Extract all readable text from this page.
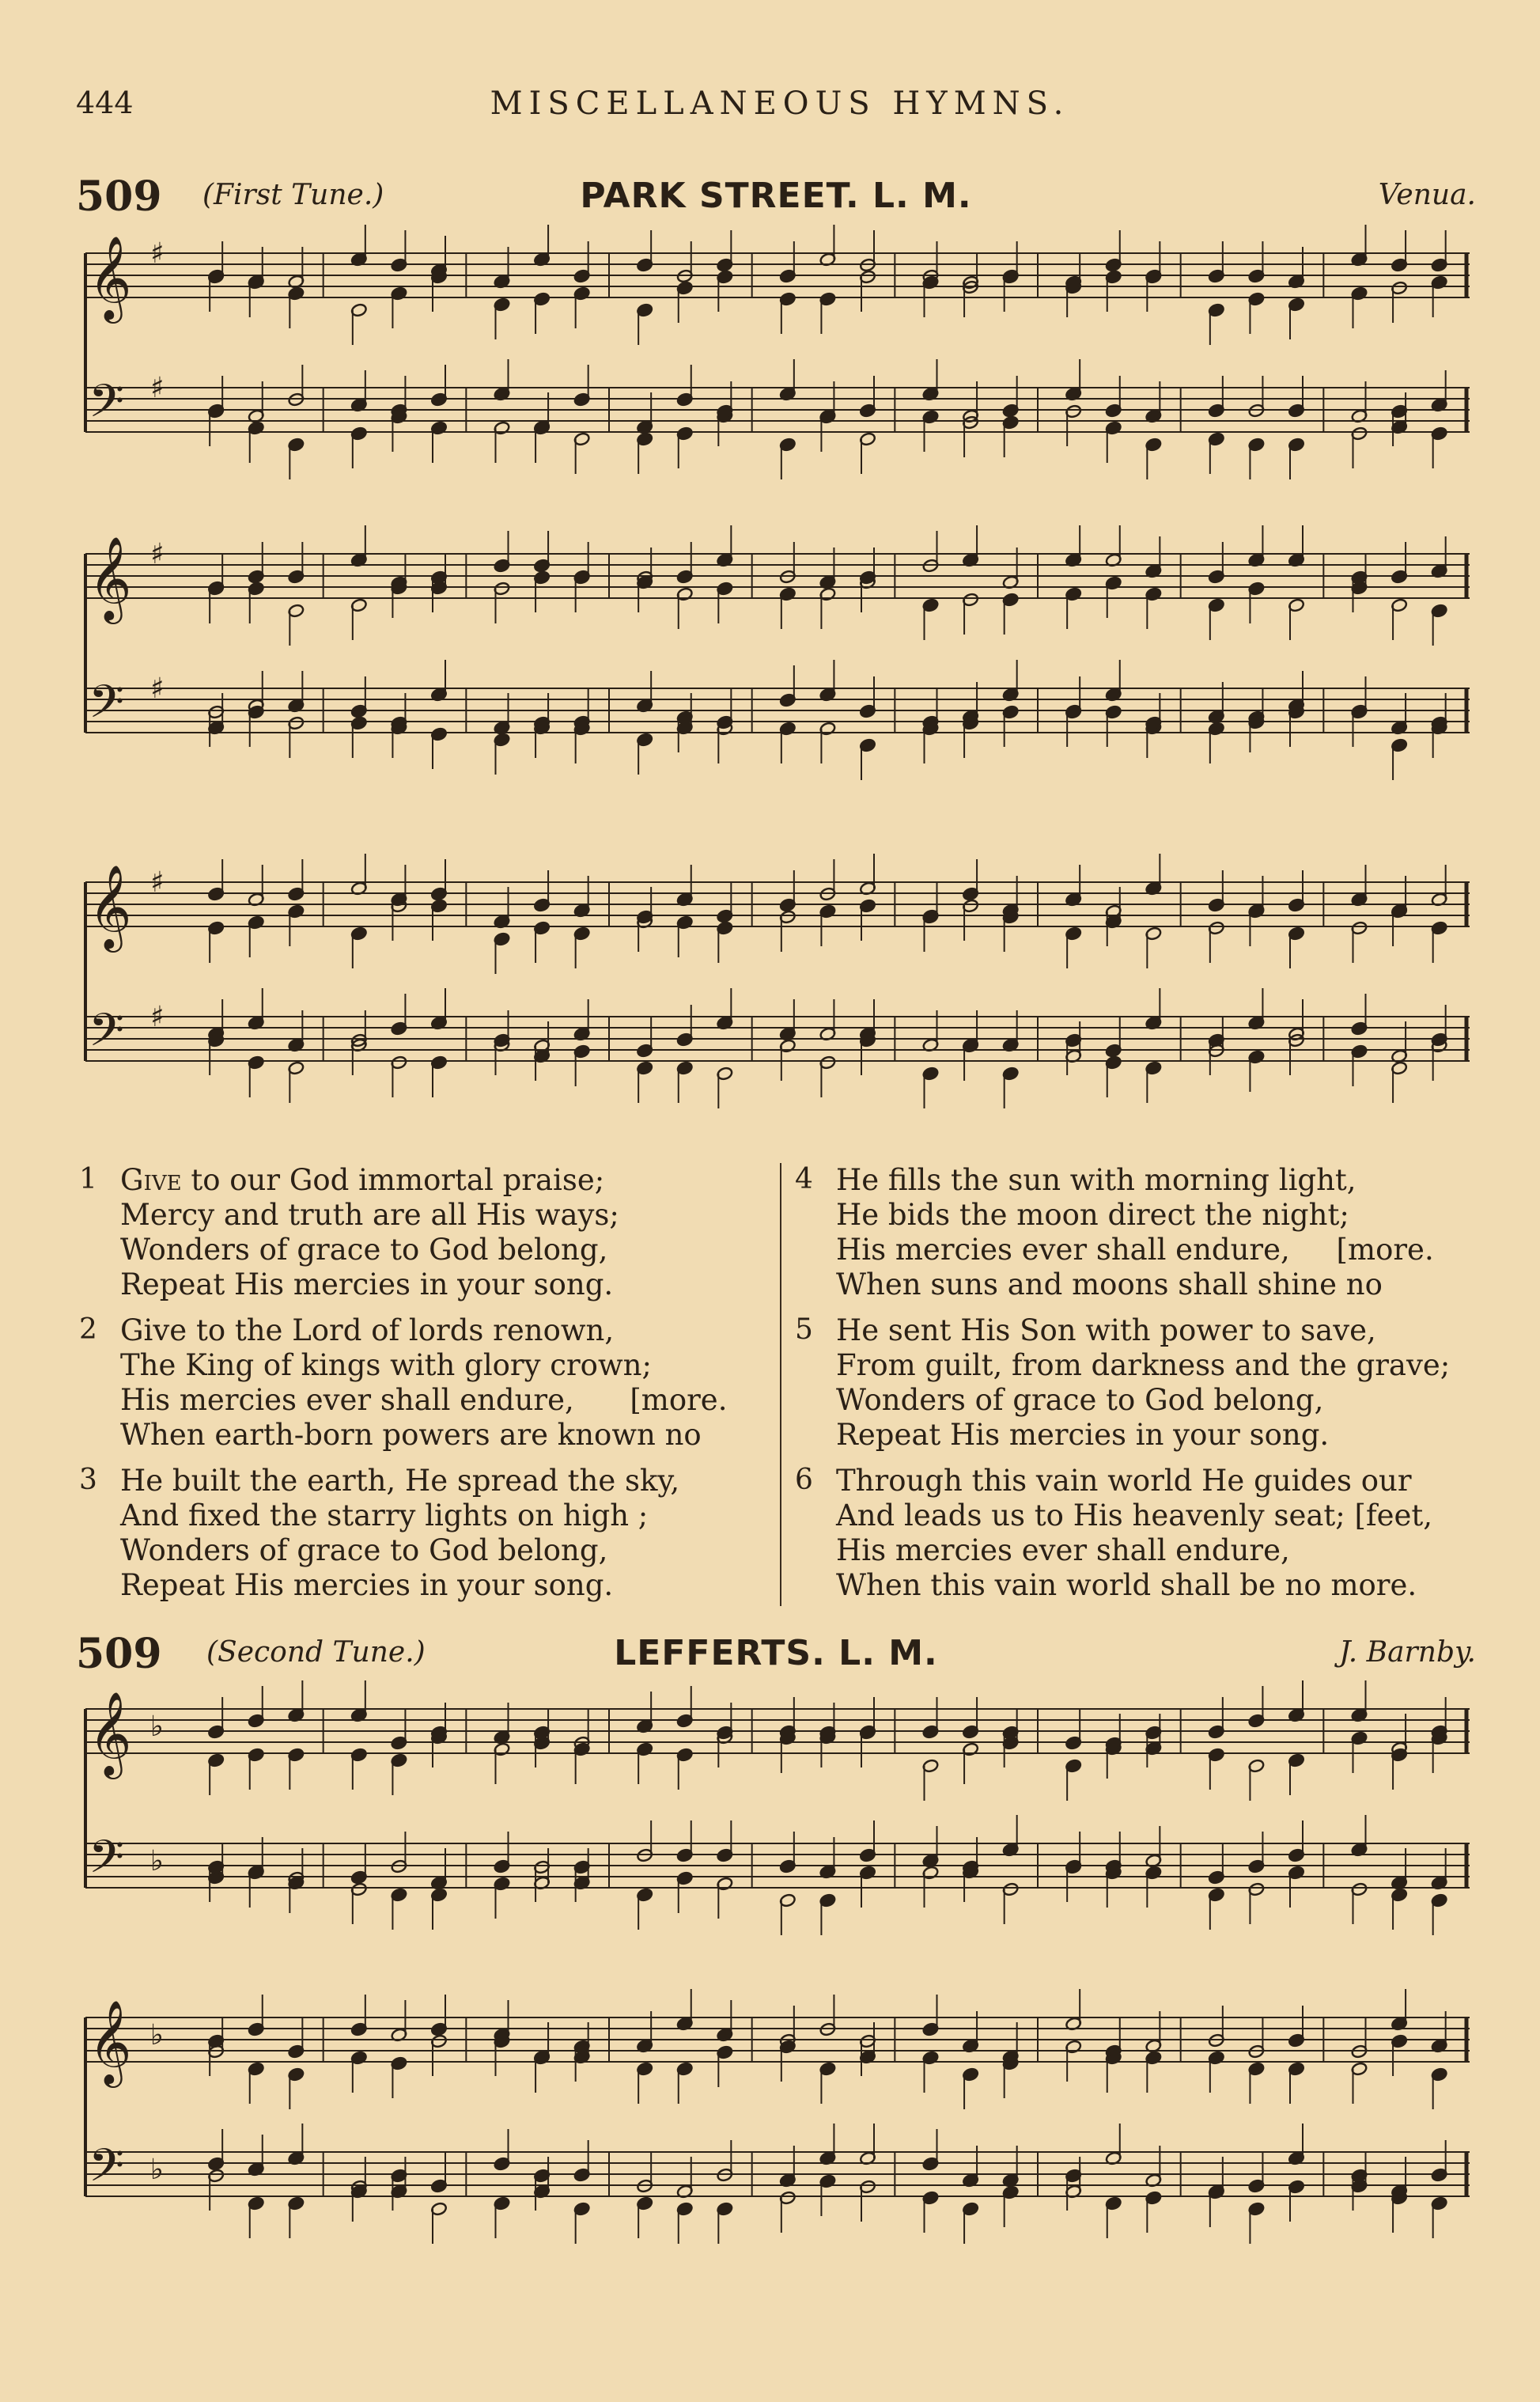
444	MISCELLANEOUS HYMNS.
509 (First Tune.)	PARK STREET. L. M.	Venua.
𝄞 ♯
𝄢 ♯
𝄞 ♯
𝄢 ♯
𝄞 ♯
𝄢 ♯
1 Give to our God immortal praise;
Mercy and truth are all His ways;
Wonders of grace to God belong,
Repeat His mercies in your song.
2 Give to the Lord of lords renown,
The King of kings with glory crown;
His mercies ever shall endure,      [more.
When earth-born powers are known no
3 He built the earth, He spread the sky,
And fixed the starry lights on high ;
Wonders of grace to God belong,
Repeat His mercies in your song.
4 He fills the sun with morning light,
He bids the moon direct the night;
His mercies ever shall endure,     [more.
When suns and moons shall shine no
5 He sent His Son with power to save,
From guilt, from darkness and the grave;
Wonders of grace to God belong,
Repeat His mercies in your song.
6 Through this vain world He guides our
And leads us to His heavenly seat; [feet,
His mercies ever shall endure,
When this vain world shall be no more.
509 (Second Tune.)	LEFFERTS. L. M.	J. Barnby.
𝄞 ♭
𝄢 ♭
𝄞 ♭
𝄢 ♭
